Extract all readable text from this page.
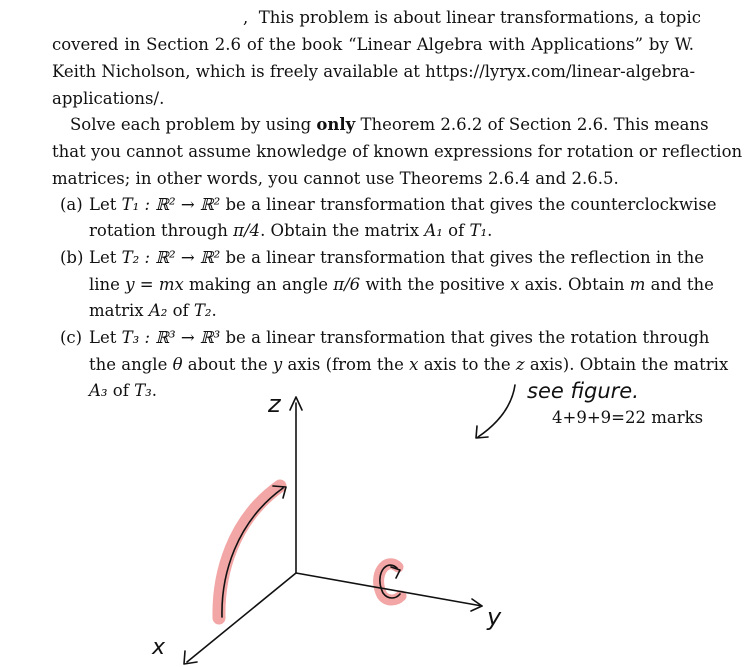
, This problem is about linear transformations, a topic
covered in Section 2.6 of the book “Linear Algebra with Applications” by W.
Keith Nicholson, which is freely available at https://lyryx.com/linear-algebra-
applications/.
Solve each problem by using only Theorem 2.6.2 of Section 2.6. This means
that you cannot assume knowledge of known expressions for rotation or reflection
matrices; in other words, you cannot use Theorems 2.6.4 and 2.6.5.
(a) Let T₁ : ℝ² → ℝ² be a linear transformation that gives the counterclockwise
rotation through π/4. Obtain the matrix A₁ of T₁.
(b) Let T₂ : ℝ² → ℝ² be a linear transformation that gives the reflection in the
line y = mx making an angle π/6 with the positive x axis. Obtain m and the
matrix A₂ of T₂.
(c) Let T₃ : ℝ³ → ℝ³ be a linear transformation that gives the rotation through
the angle θ about the y axis (from the x axis to the z axis). Obtain the matrix
A₃ of T₃.
4+9+9=22 marks
z
y
x
see figure.
